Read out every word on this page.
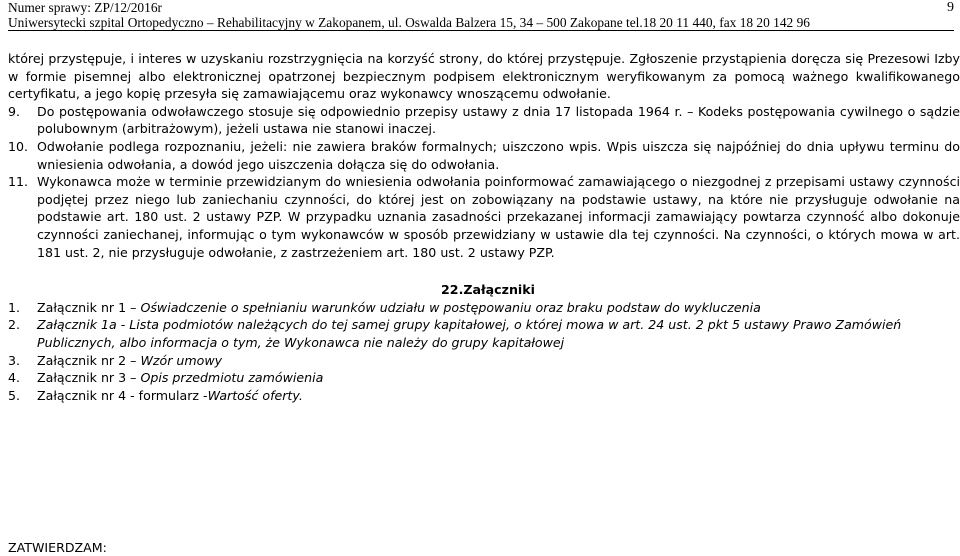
Numer sprawy: ZP/12/2016r
Uniwersytecki szpital Ortopedyczno – Rehabilitacyjny w Zakopanem, ul. Oswalda Balzera 15, 34 – 500 Zakopane tel.18 20 11 440, fax 18 20 142 96
9

której przystępuje, i interes w uzyskaniu rozstrzygnięcia na korzyść strony, do której przystępuje. Zgłoszenie przystąpienia doręcza się Prezesowi Izby w formie pisemnej albo elektronicznej opatrzonej bezpiecznym podpisem elektronicznym weryfikowanym za pomocą ważnego kwalifikowanego certyfikatu, a jego kopię przesyła się zamawiającemu oraz wykonawcy wnoszącemu odwołanie.

9. Do postępowania odwoławczego stosuje się odpowiednio przepisy ustawy z dnia 17 listopada 1964 r. – Kodeks postępowania cywilnego o sądzie polubownym (arbitrażowym), jeżeli ustawa nie stanowi inaczej.
10. Odwołanie podlega rozpoznaniu, jeżeli: nie zawiera braków formalnych; uiszczono wpis. Wpis uiszcza się najpóźniej do dnia upływu terminu do wniesienia odwołania, a dowód jego uiszczenia dołącza się do odwołania.
11. Wykonawca może w terminie przewidzianym do wniesienia odwołania poinformować zamawiającego o niezgodnej z przepisami ustawy czynności podjętej przez niego lub zaniechaniu czynności, do której jest on zobowiązany na podstawie ustawy, na które nie przysługuje odwołanie na podstawie art. 180 ust. 2 ustawy PZP. W przypadku uznania zasadności przekazanej informacji zamawiający powtarza czynność albo dokonuje czynności zaniechanej, informując o tym wykonawców w sposób przewidziany w ustawie dla tej czynności. Na czynności, o których mowa w art. 181 ust. 2, nie przysługuje odwołanie, z zastrzeżeniem art. 180 ust. 2 ustawy PZP.
22.Załączniki
1. Załącznik nr 1 – Oświadczenie o spełnianiu warunków udziału w postępowaniu oraz braku podstaw do wykluczenia
2. Załącznik 1a - Lista podmiotów należących do tej samej grupy kapitałowej, o której mowa w art. 24 ust. 2 pkt 5 ustawy Prawo Zamówień Publicznych, albo informacja o tym, że Wykonawca nie należy do grupy kapitałowej
3. Załącznik nr 2 – Wzór umowy
4. Załącznik nr 3 – Opis przedmiotu zamówienia
5. Załącznik nr 4 - formularz -Wartość oferty.
ZATWIERDZAM:
